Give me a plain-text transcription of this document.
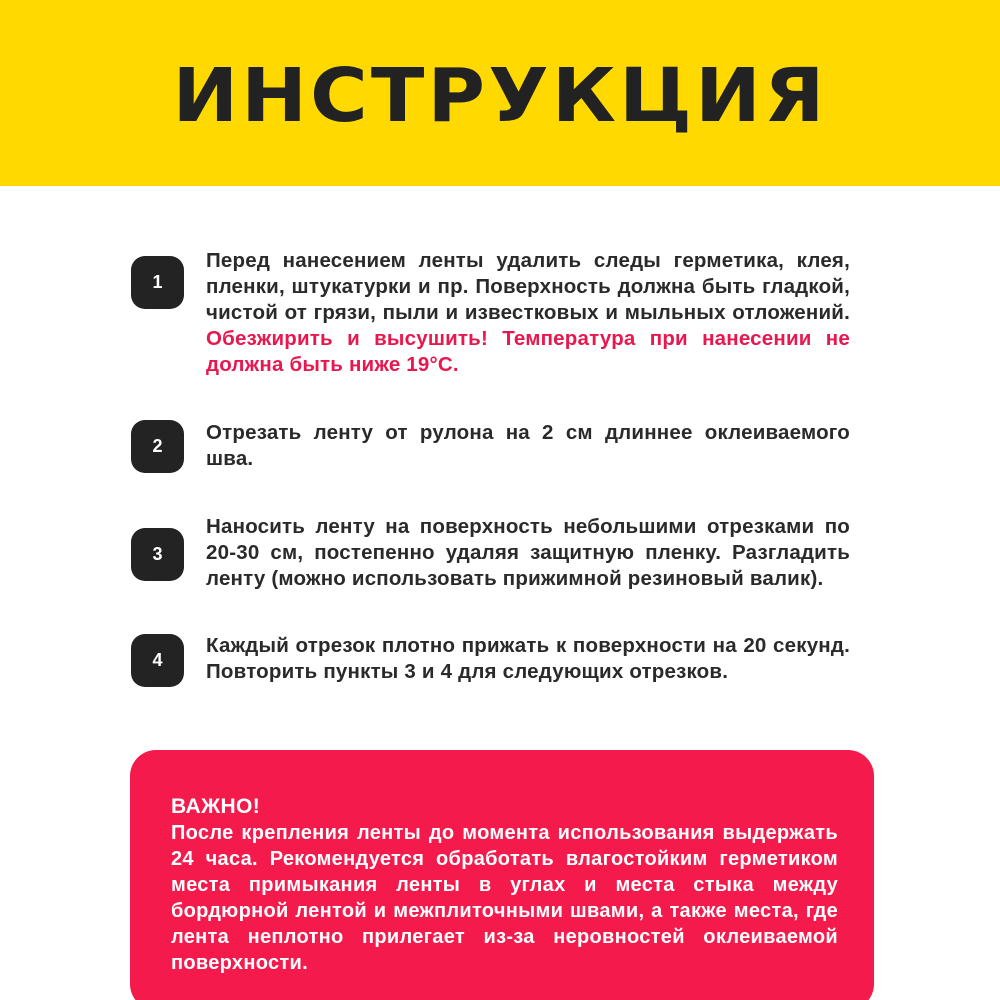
ИНСТРУКЦИЯ
1

Перед нанесением ленты удалить следы герметика, клея, пленки, штукатурки и пр. Поверхность должна быть гладкой, чистой от грязи, пыли и известковых и мыльных отложений. Обезжирить и высушить! Температура при нанесении не должна быть ниже 19°C.

2

Отрезать ленту от рулона на 2 см длиннее оклеиваемого шва.

3

Наносить ленту на поверхность небольшими отрезками по 20-30 см, постепенно удаляя защитную пленку. Разгладить ленту (можно использовать прижимной резиновый валик).

4

Каждый отрезок плотно прижать к поверхности на 20 секунд. Повторить пункты 3 и 4 для следующих отрезков.

ВАЖНО!

После крепления ленты до момента использования выдержать 24 часа. Рекомендуется обработать влагостойким герметиком места примыкания ленты в углах и места стыка между бордюрной лентой и межплиточными швами, а также места, где лента неплотно прилегает из-за неровностей оклеиваемой поверхности.
